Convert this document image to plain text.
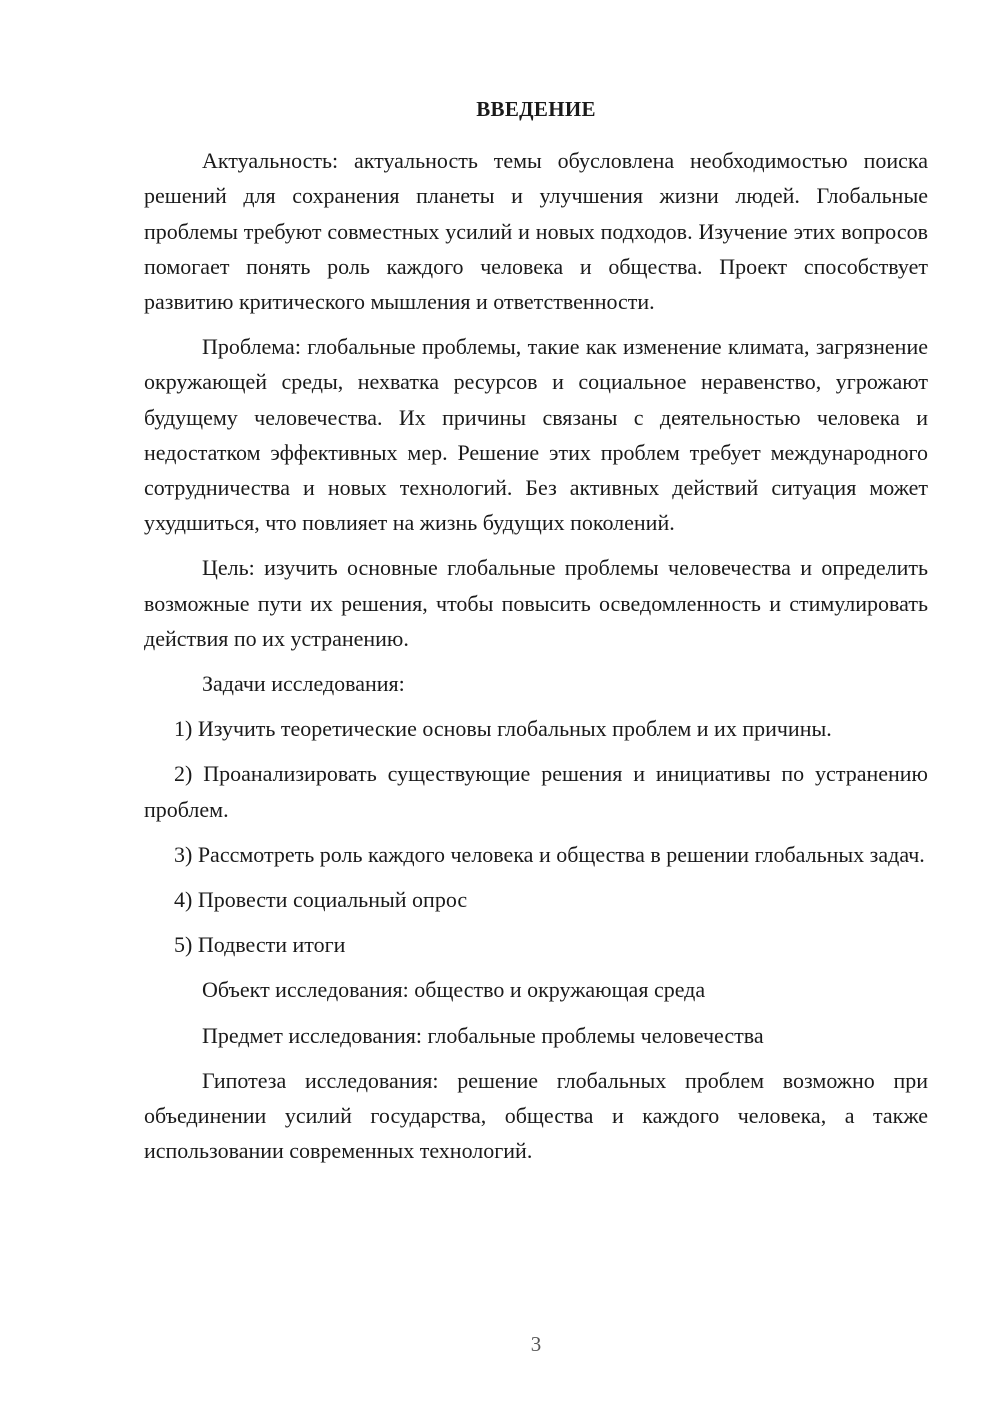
ВВЕДЕНИЕ

Актуальность: актуальность темы обусловлена необходимостью поиска решений для сохранения планеты и улучшения жизни людей. Глобальные проблемы требуют совместных усилий и новых подходов. Изучение этих вопросов помогает понять роль каждого человека и общества. Проект способствует развитию критического мышления и ответственности.

Проблема: глобальные проблемы, такие как изменение климата, загрязнение окружающей среды, нехватка ресурсов и социальное неравенство, угрожают будущему человечества. Их причины связаны с деятельностью человека и недостатком эффективных мер. Решение этих проблем требует международного сотрудничества и новых технологий. Без активных действий ситуация может ухудшиться, что повлияет на жизнь будущих поколений.

Цель: изучить основные глобальные проблемы человечества и определить возможные пути их решения, чтобы повысить осведомленность и стимулировать действия по их устранению.

Задачи исследования:

1) Изучить теоретические основы глобальных проблем и их причины.

2) Проанализировать существующие решения и инициативы по устранению проблем.

3) Рассмотреть роль каждого человека и общества в решении глобальных задач.

4) Провести социальный опрос

5) Подвести итоги

Объект исследования: общество и окружающая среда

Предмет исследования: глобальные проблемы человечества

Гипотеза исследования: решение глобальных проблем возможно при объединении усилий государства, общества и каждого человека, а также использовании современных технологий.

3
